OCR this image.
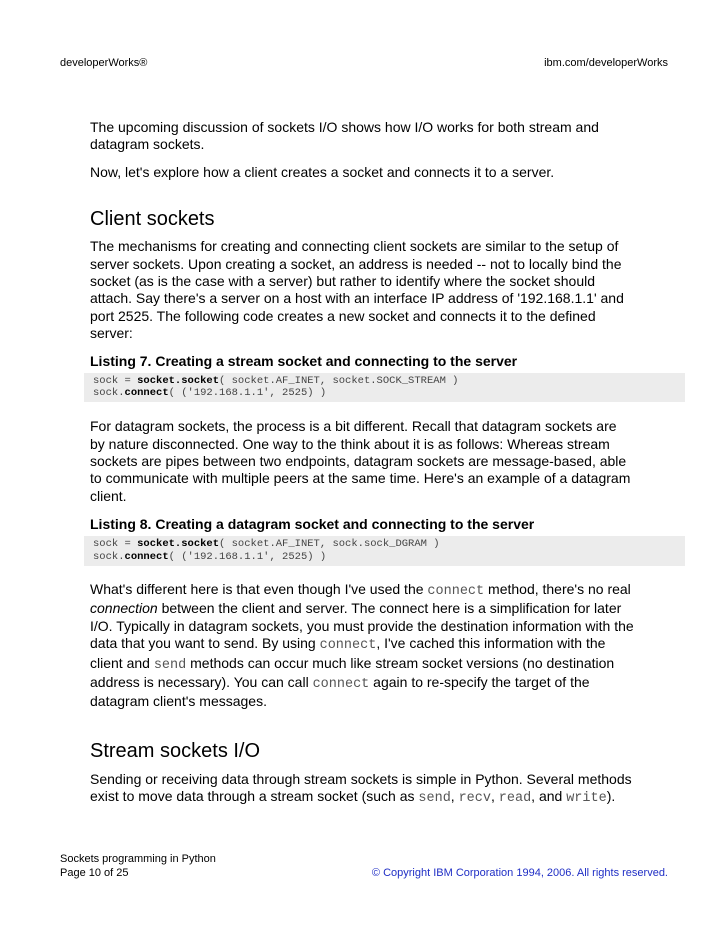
developerWorks®	ibm.com/developerWorks

The upcoming discussion of sockets I/O shows how I/O works for both stream and datagram sockets.

Now, let's explore how a client creates a socket and connects it to a server.

Client sockets

The mechanisms for creating and connecting client sockets are similar to the setup of server sockets. Upon creating a socket, an address is needed -- not to locally bind the socket (as is the case with a server) but rather to identify where the socket should attach. Say there's a server on a host with an interface IP address of '192.168.1.1' and port 2525. The following code creates a new socket and connects it to the defined server:

Listing 7. Creating a stream socket and connecting to the server
sock = socket.socket( socket.AF_INET, socket.SOCK_STREAM )
sock.connect( ('192.168.1.1', 2525) )

For datagram sockets, the process is a bit different. Recall that datagram sockets are by nature disconnected. One way to the think about it is as follows: Whereas stream sockets are pipes between two endpoints, datagram sockets are message-based, able to communicate with multiple peers at the same time. Here's an example of a datagram client.

Listing 8. Creating a datagram socket and connecting to the server
sock = socket.socket( socket.AF_INET, sock.sock_DGRAM )
sock.connect( ('192.168.1.1', 2525) )

What's different here is that even though I've used the connect method, there's no real connection between the client and server. The connect here is a simplification for later I/O. Typically in datagram sockets, you must provide the destination information with the data that you want to send. By using connect, I've cached this information with the client and send methods can occur much like stream socket versions (no destination address is necessary). You can call connect again to re-specify the target of the datagram client's messages.

Stream sockets I/O

Sending or receiving data through stream sockets is simple in Python. Several methods exist to move data through a stream socket (such as send, recv, read, and write).

Sockets programming in Python
Page 10 of 25	© Copyright IBM Corporation 1994, 2006. All rights reserved.
